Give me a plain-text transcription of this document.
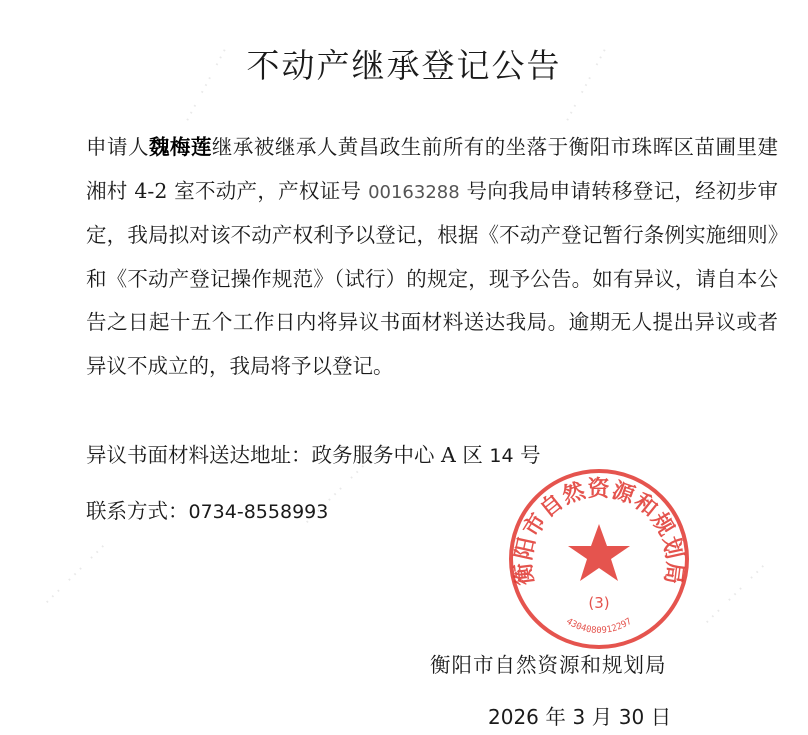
··· ··· ···	··· ··· ···
··· ··· ···
··· ··· ···
··· ··· ···
不动产继承登记公告
申请人魏梅莲继承被继承人黄昌政生前所有的坐落于衡阳市珠晖区苗圃里建湘村 4-2 室不动产，产权证号 00163288 号向我局申请转移登记，经初步审定，我局拟对该不动产权利予以登记，根据《不动产登记暂行条例实施细则》和《不动产登记操作规范》（试行）的规定，现予公告。如有异议，请自本公告之日起十五个工作日内将异议书面材料送达我局。逾期无人提出异议或者异议不成立的，我局将予以登记。
异议书面材料送达地址：政务服务中心 A 区 14 号
联系方式：0734-8558993
衡阳市自然资源和规划局
(3)
4304080912297
衡阳市自然资源和规划局
2026 年 3 月 30 日
